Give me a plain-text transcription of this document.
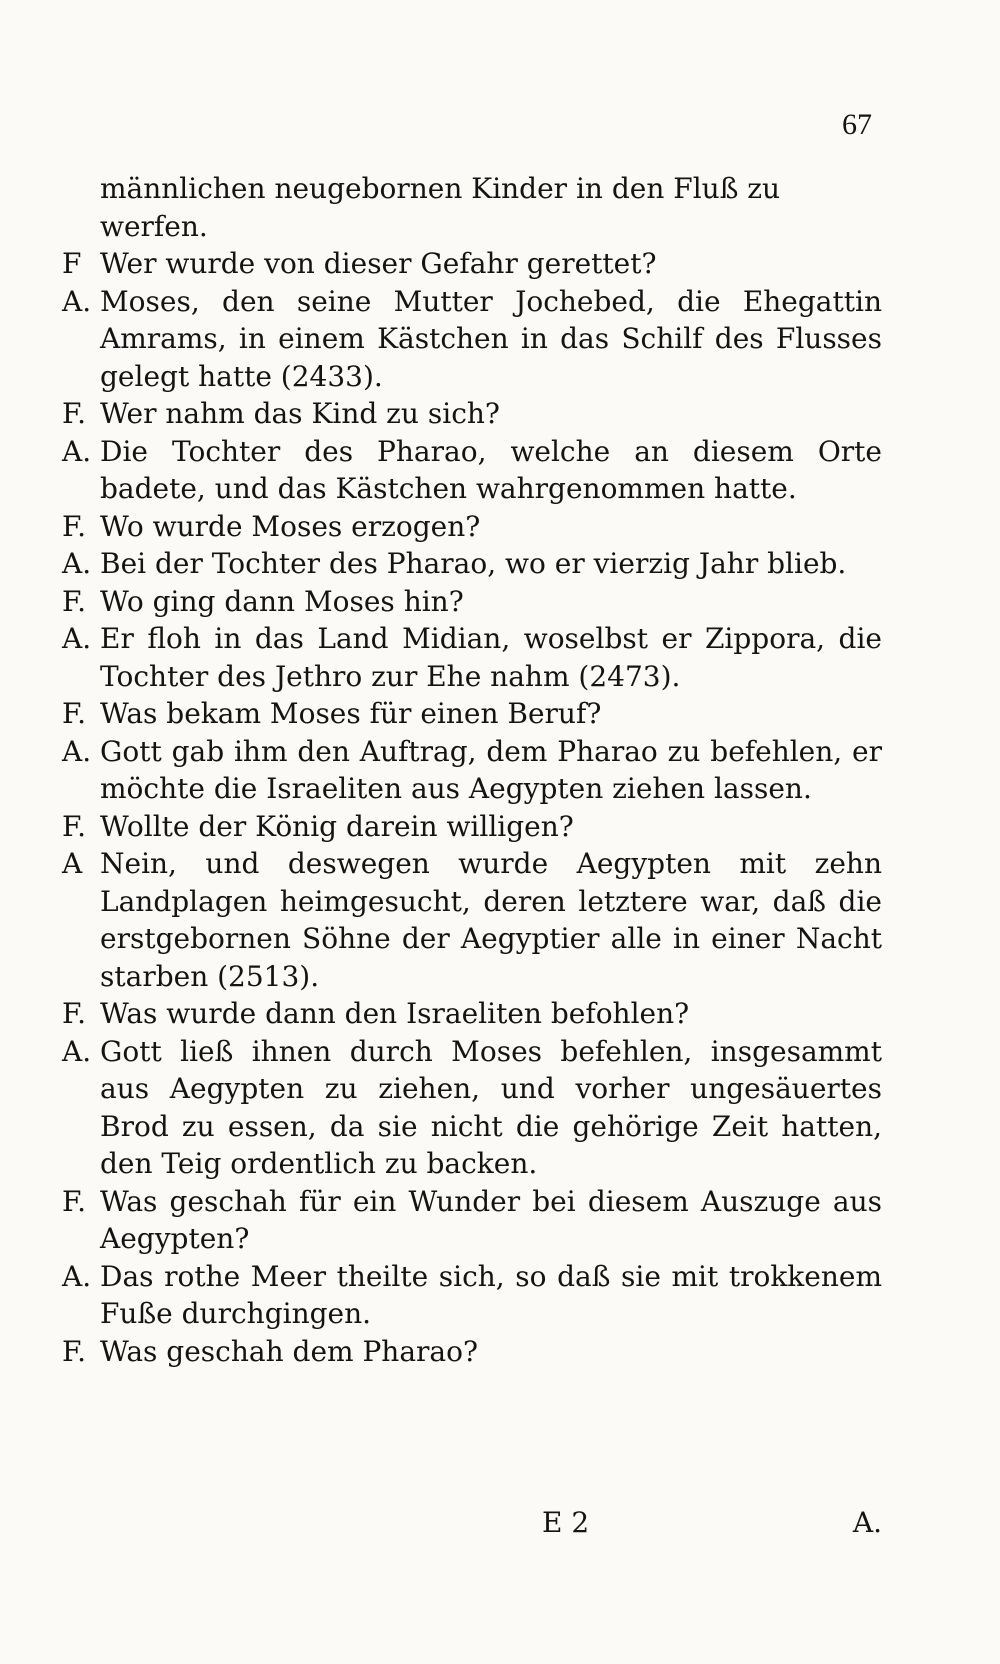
67
männlichen neugebornen Kinder in den Fluß zu werfen.
F Wer wurde von dieser Gefahr gerettet?
A. Moses, den seine Mutter Jochebed, die Ehegattin Amrams, in einem Kästchen in das Schilf des Flusses gelegt hatte (2433).
F. Wer nahm das Kind zu sich?
A. Die Tochter des Pharao, welche an diesem Orte badete, und das Kästchen wahrgenommen hatte.
F. Wo wurde Moses erzogen?
A. Bei der Tochter des Pharao, wo er vierzig Jahr blieb.
F. Wo ging dann Moses hin?
A. Er floh in das Land Midian, woselbst er Zippora, die Tochter des Jethro zur Ehe nahm (2473).
F. Was bekam Moses für einen Beruf?
A. Gott gab ihm den Auftrag, dem Pharao zu befehlen, er möchte die Israeliten aus Aegypten ziehen lassen.
F. Wollte der König darein willigen?
A Nein, und deswegen wurde Aegypten mit zehn Landplagen heimgesucht, deren letztere war, daß die erstgebornen Söhne der Aegyptier alle in einer Nacht starben (2513).
F. Was wurde dann den Israeliten befohlen?
A. Gott ließ ihnen durch Moses befehlen, insgesammt aus Aegypten zu ziehen, und vorher ungesäuertes Brod zu essen, da sie nicht die gehörige Zeit hatten, den Teig ordentlich zu backen.
F. Was geschah für ein Wunder bei diesem Auszuge aus Aegypten?
A. Das rothe Meer theilte sich, so daß sie mit trokkenem Fuße durchgingen.
F. Was geschah dem Pharao?
E 2	A.
